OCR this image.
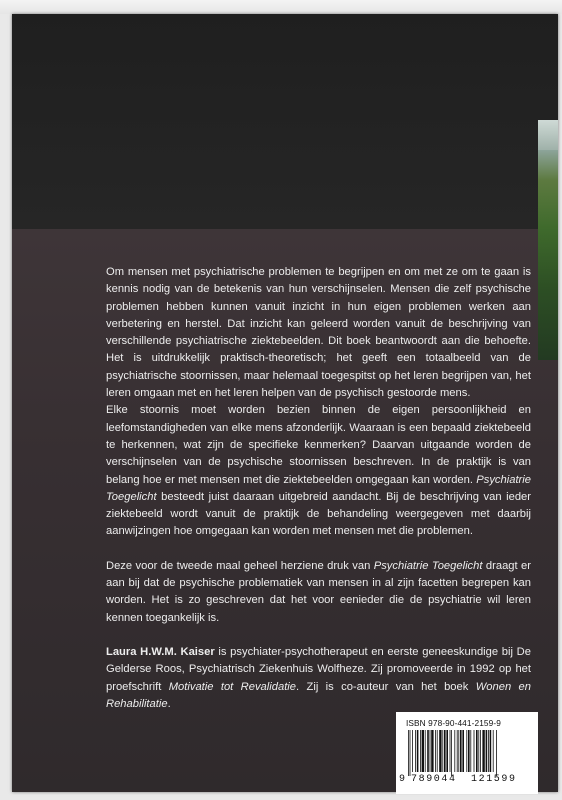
Om mensen met psychiatrische problemen te begrijpen en om met ze om te gaan is kennis nodig van de betekenis van hun verschijnselen. Mensen die zelf psychische problemen hebben kunnen vanuit inzicht in hun eigen problemen werken aan verbetering en herstel. Dat inzicht kan geleerd worden vanuit de beschrijving van verschillende psychiatrische ziektebeelden. Dit boek beantwoordt aan die behoefte. Het is uitdrukkelijk praktisch-theoretisch; het geeft een totaalbeeld van de psychiatrische stoornissen, maar helemaal toegespitst op het leren begrijpen van, het leren omgaan met en het leren helpen van de psychisch gestoorde mens.
Elke stoornis moet worden bezien binnen de eigen persoonlijkheid en leefomstandigheden van elke mens afzonderlijk. Waaraan is een bepaald ziektebeeld te herkennen, wat zijn de specifieke kenmerken? Daarvan uitgaande worden de verschijnselen van de psychische stoornissen beschreven. In de praktijk is van belang hoe er met mensen met die ziektebeelden omgegaan kan worden. Psychiatrie Toegelicht besteedt juist daaraan uitgebreid aandacht. Bij de beschrijving van ieder ziektebeeld wordt vanuit de praktijk de behandeling weergegeven met daarbij aanwijzingen hoe omgegaan kan worden met mensen met die problemen.

Deze voor de tweede maal geheel herziene druk van Psychiatrie Toegelicht draagt er aan bij dat de psychische problematiek van mensen in al zijn facetten begrepen kan worden. Het is zo geschreven dat het voor eenieder die de psychiatrie wil leren kennen toegankelijk is.

Laura H.W.M. Kaiser is psychiater-psychotherapeut en eerste geneeskundige bij De Gelderse Roos, Psychiatrisch Ziekenhuis Wolfheze. Zij promoveerde in 1992 op het proefschrift Motivatie tot Revalidatie. Zij is co-auteur van het boek Wonen en Rehabilitatie.

ISBN 978-90-441-2159-9
9 789044 121599
